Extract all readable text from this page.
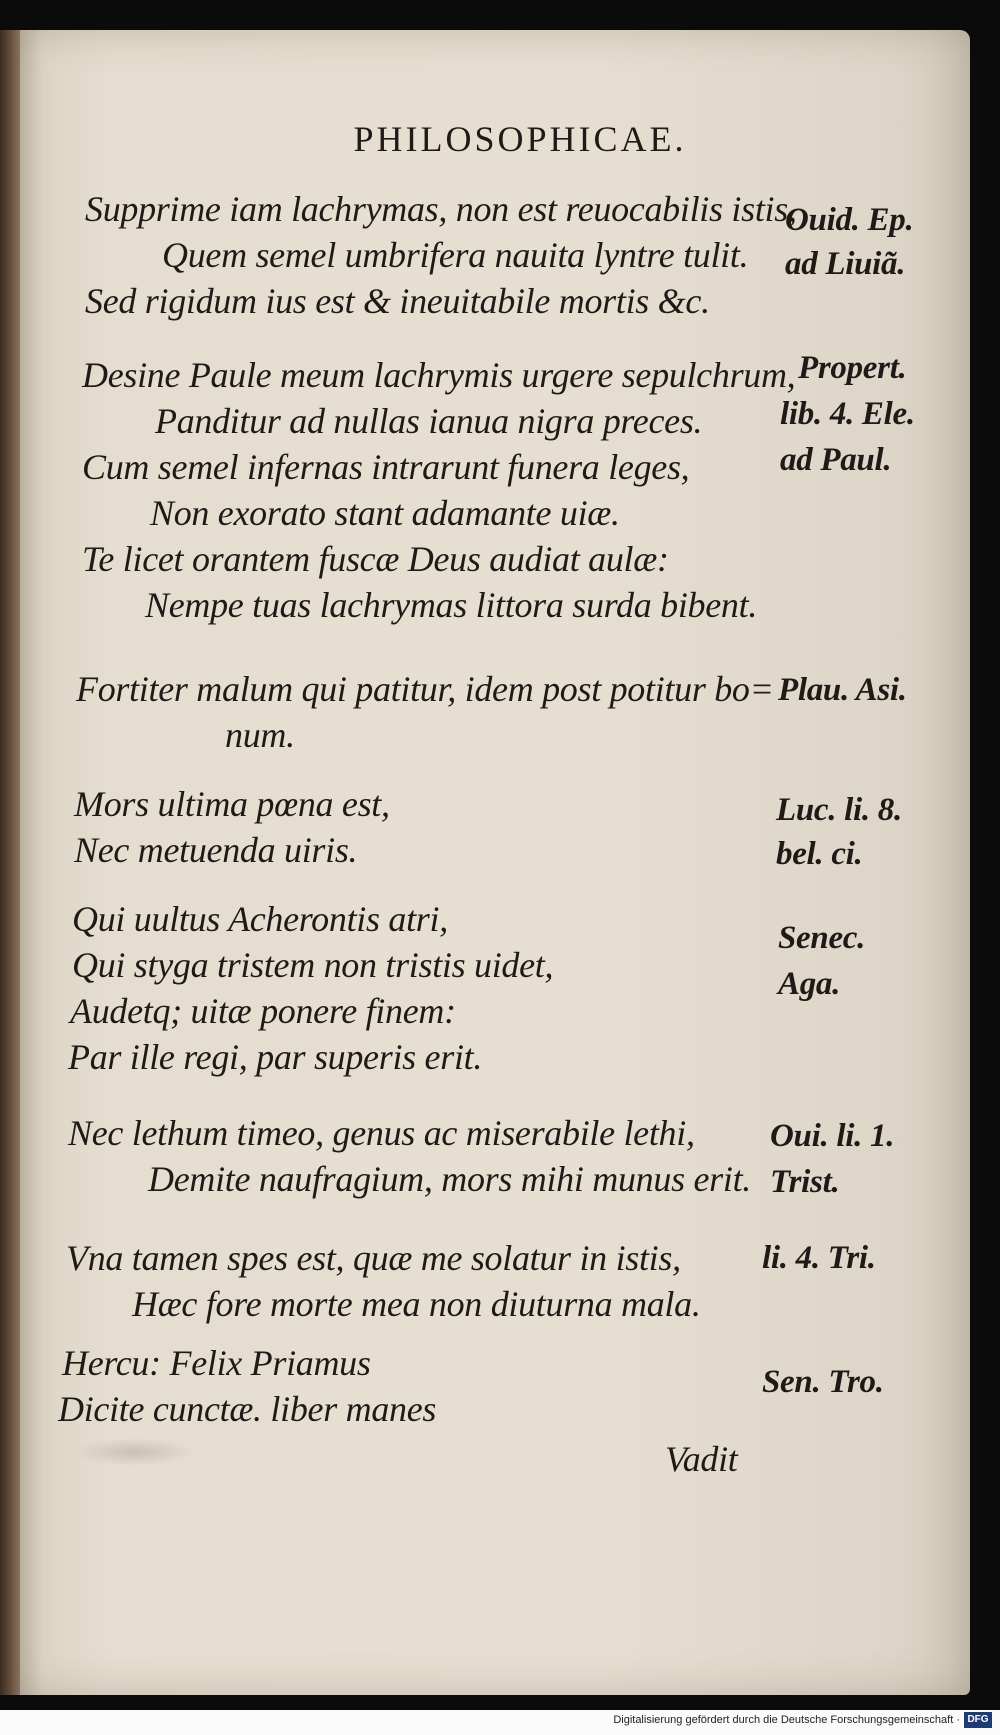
PHILOSOPHICAE.
Supprime iam lachrymas, non est reuocabilis istis,
Quem semel umbrifera nauita lyntre tulit.
Sed rigidum ius est & ineuitabile mortis &c.
Ouid. Ep.
ad Liuiã.
Desine Paule meum lachrymis urgere sepulchrum,
Panditur ad nullas ianua nigra preces.
Cum semel infernas intrarunt funera leges,
Non exorato stant adamante uiæ.
Te licet orantem fuscæ Deus audiat aulæ:
Nempe tuas lachrymas littora surda bibent.
Propert.
lib. 4. Ele.
ad Paul.
Fortiter malum qui patitur, idem post potitur bo=
num.
Plau. Asi.
Mors ultima pœna est,
Nec metuenda uiris.
Luc. li. 8.
bel. ci.
Qui uultus Acherontis atri,
Qui styga tristem non tristis uidet,
Audetq; uitæ ponere finem:
Par ille regi, par superis erit.
Senec.
Aga.
Nec lethum timeo, genus ac miserabile lethi,
Demite naufragium, mors mihi munus erit.
Oui. li. 1.
Trist.
Vna tamen spes est, quæ me solatur in istis,
Hæc fore morte mea non diuturna mala.
li. 4. Tri.
Hercu: Felix Priamus
Dicite cunctæ. liber manes
Sen. Tro.
Vadit
Digitalisierung gefördert durch die Deutsche Forschungsgemeinschaft · DFG
